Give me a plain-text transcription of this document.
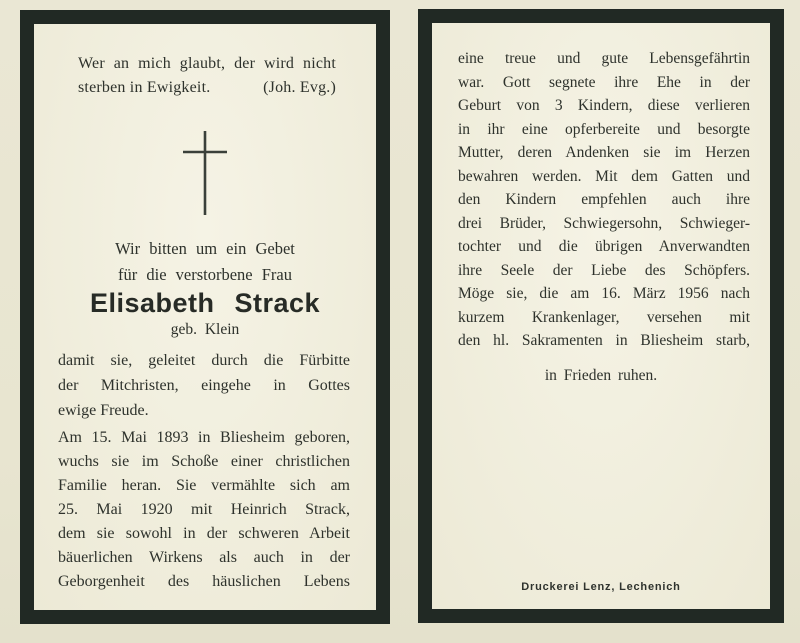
Wer an mich glaubt, der wird nicht
sterben in Ewigkeit.	(Joh. Evg.)
Wir bitten um ein Gebet
für die verstorbene Frau
Elisabeth Strack
geb. Klein
damit sie, geleitet durch die Fürbitte
der Mitchristen, eingehe in Gottes
ewige Freude.
Am 15. Mai 1893 in Bliesheim geboren,
wuchs sie im Schoße einer christlichen
Familie heran. Sie vermählte sich am
25. Mai 1920 mit Heinrich Strack,
dem sie sowohl in der schweren Arbeit
bäuerlichen Wirkens als auch in der
Geborgenheit des häuslichen Lebens
eine treue und gute Lebensgefährtin
war. Gott segnete ihre Ehe in der
Geburt von 3 Kindern, diese verlieren
in ihr eine opferbereite und besorgte
Mutter, deren Andenken sie im Herzen
bewahren werden. Mit dem Gatten und
den Kindern empfehlen auch ihre
drei Brüder, Schwiegersohn, Schwieger-
tochter und die übrigen Anverwandten
ihre Seele der Liebe des Schöpfers.
Möge sie, die am 16. März 1956 nach
kurzem Krankenlager, versehen mit
den hl. Sakramenten in Bliesheim starb,
in Frieden ruhen.
Druckerei Lenz, Lechenich
